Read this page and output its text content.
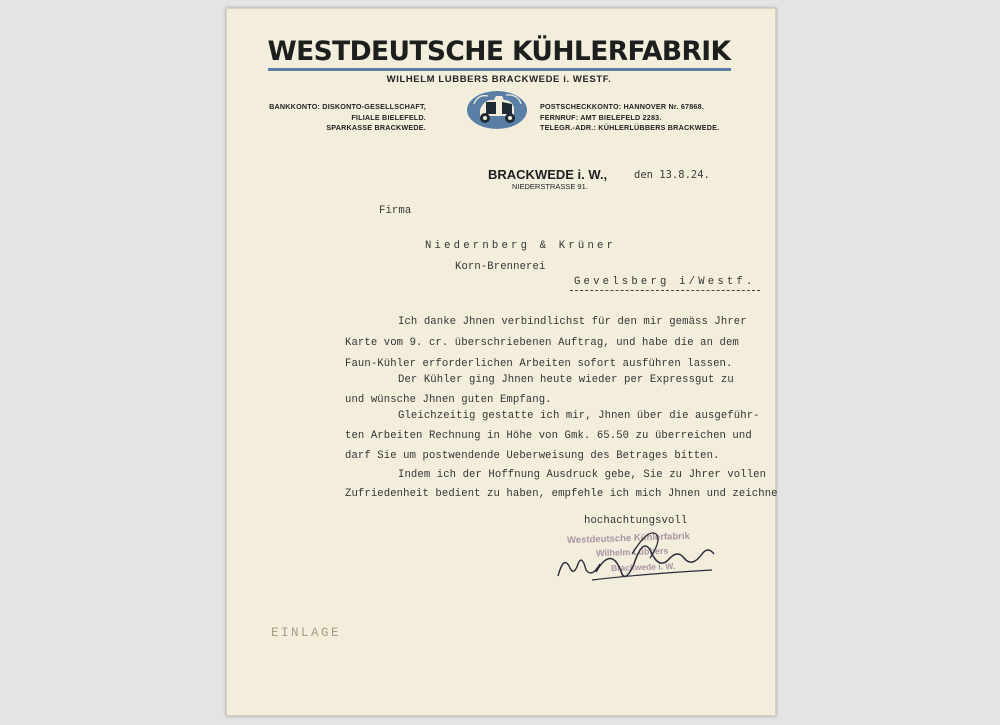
WESTDEUTSCHE KÜHLERFABRIK
WILHELM LUBBERS BRACKWEDE i. WESTF.
BANKKONTO: DISKONTO-GESELLSCHAFT,
FILIALE BIELEFELD.
SPARKASSE BRACKWEDE.
POSTSCHECKKONTO: HANNOVER Nr. 67868.
FERNRUF: AMT BIELEFELD 2283.
TELEGR.-ADR.: KÜHLERLÜBBERS BRACKWEDE.
BRACKWEDE i. W.,
NIEDERSTRASSE 91.
den 13.8.24.
Firma
Niedernberg & Krüner
Korn-Brennerei
Gevelsberg i/Westf.
Ich danke Jhnen verbindlichst für den mir gemäss Jhrer
Karte vom 9. cr. überschriebenen Auftrag, und habe die an dem
Faun-Kühler erforderlichen Arbeiten sofort ausführen lassen.
Der Kühler ging Jhnen heute wieder per Expressgut zu
und wünsche Jhnen guten Empfang.
Gleichzeitig gestatte ich mir, Jhnen über die ausgeführ-
ten Arbeiten Rechnung in Höhe von Gmk. 65.50 zu überreichen und
darf Sie um postwendende Ueberweisung des Betrages bitten.
Indem ich der Hoffnung Ausdruck gebe, Sie zu Jhrer vollen
Zufriedenheit bedient zu haben, empfehle ich mich Jhnen und zeichne
hochachtungsvoll
Westdeutsche Kühlerfabrik
Wilhelm Lübbers
Brackwede i. W.
EINLAGE
